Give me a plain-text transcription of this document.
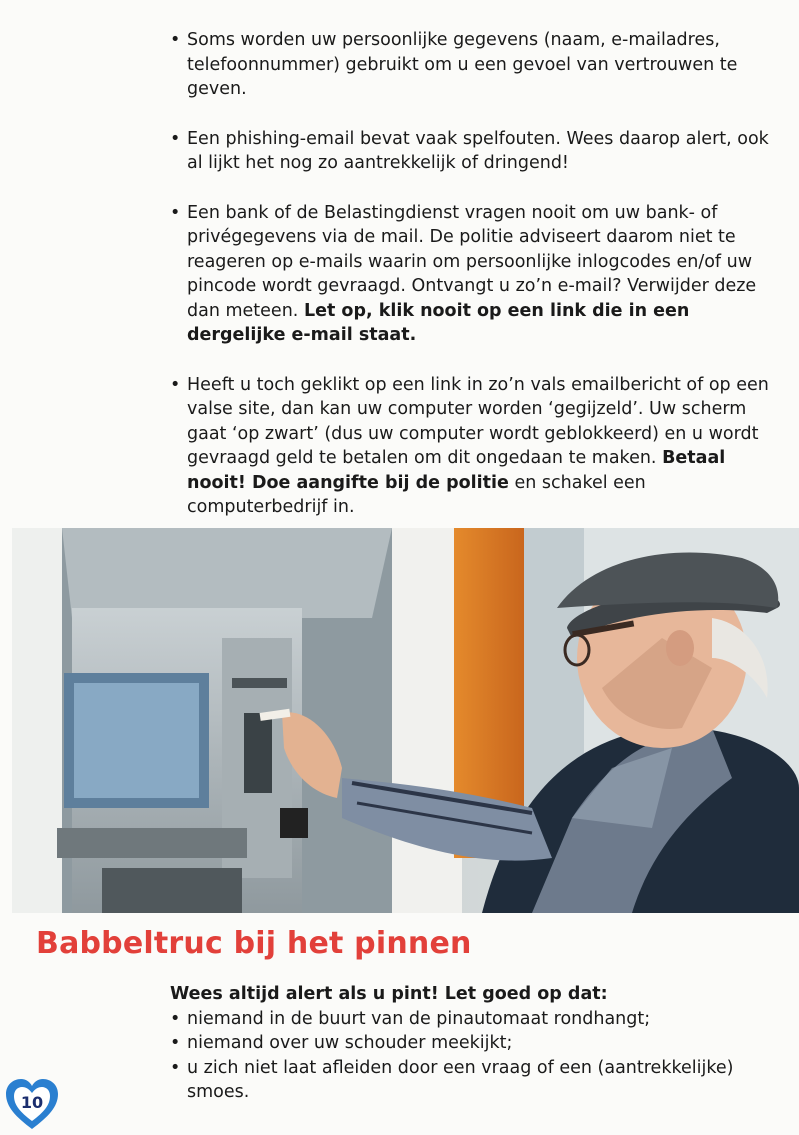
• Soms worden uw persoonlijke gegevens (naam, e-mailadres, telefoonnummer) gebruikt om u een gevoel van vertrouwen te geven.
• Een phishing-email bevat vaak spelfouten. Wees daarop alert, ook al lijkt het nog zo aantrekkelijk of dringend!
• Een bank of de Belastingdienst vragen nooit om uw bank- of privégegevens via de mail. De politie adviseert daarom niet te reageren op e-mails waarin om persoonlijke inlogcodes en/of uw pincode wordt gevraagd. Ontvangt u zo’n e-mail? Verwijder deze dan meteen. Let op, klik nooit op een link die in een dergelijke e-mail staat.
• Heeft u toch geklikt op een link in zo’n vals emailbericht of op een valse site, dan kan uw computer worden ‘gegijzeld’. Uw scherm gaat ‘op zwart’ (dus uw computer wordt geblokkeerd) en u wordt gevraagd geld te betalen om dit ongedaan te maken. Betaal nooit! Doe aangifte bij de politie en schakel een computerbedrijf in.
Babbeltruc bij het pinnen
Wees altijd alert als u pint! Let goed op dat:
• niemand in de buurt van de pinautomaat rondhangt;
• niemand over uw schouder meekijkt;
• u zich niet laat afleiden door een vraag of een (aantrekkelijke) smoes.
10
